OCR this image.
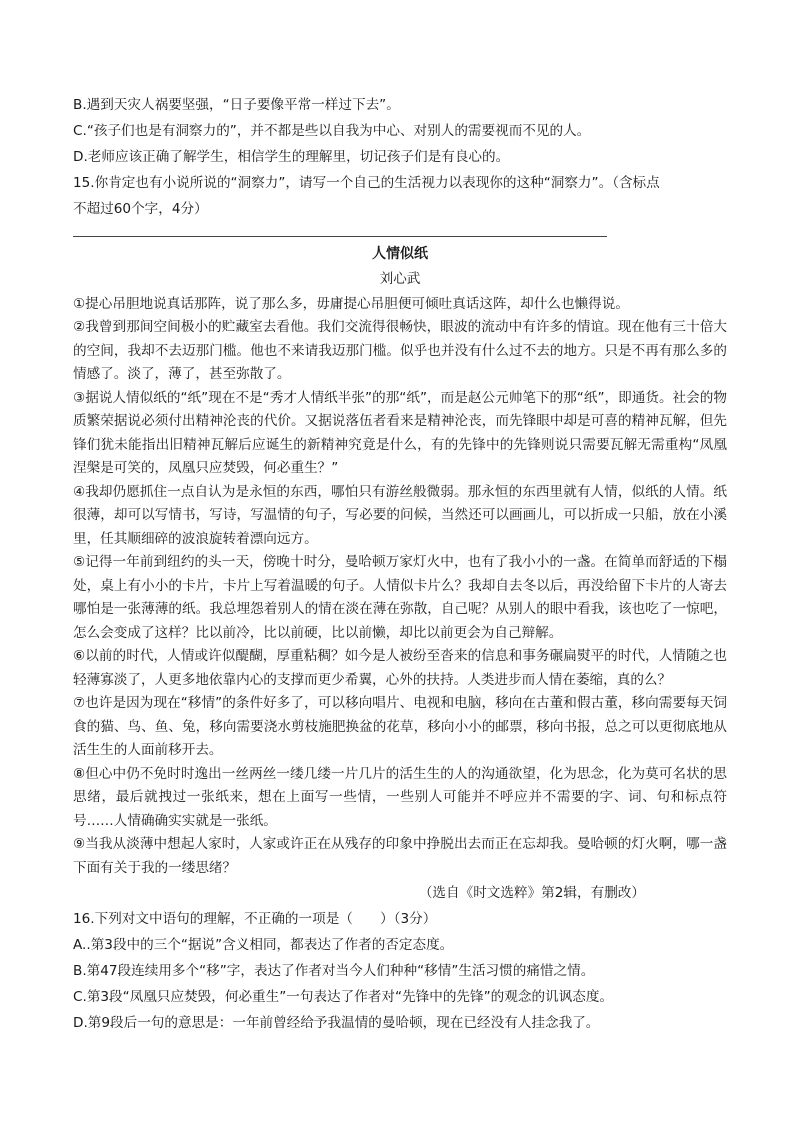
B.遇到天灾人祸要坚强，“日子要像平常一样过下去”。

C.“孩子们也是有洞察力的”，并不都是些以自我为中心、对别人的需要视而不见的人。

D.老师应该正确了解学生，相信学生的理解里，切记孩子们是有良心的。

15.你肯定也有小说所说的“洞察力”，请写一个自己的生活视力以表现你的这种“洞察力”。（含标点

不超过60个字，4分）

人情似纸
刘心武

①提心吊胆地说真话那阵，说了那么多，毋庸提心吊胆便可倾吐真话这阵，却什么也懒得说。

②我曾到那间空间极小的贮藏室去看他。我们交流得很畅快，眼波的流动中有许多的情谊。现在他有三十倍大的空间，我却不去迈那门槛。他也不来请我迈那门槛。似乎也并没有什么过不去的地方。只是不再有那么多的情感了。淡了，薄了，甚至弥散了。

③据说人情似纸的“纸”现在不是“秀才人情纸半张”的那“纸”，而是赵公元帅笔下的那“纸”，即通货。社会的物质繁荣据说必须付出精神沦丧的代价。又据说落伍者看来是精神沦丧，而先锋眼中却是可喜的精神瓦解，但先锋们犹未能指出旧精神瓦解后应诞生的新精神究竟是什么，有的先锋中的先锋则说只需要瓦解无需重构“凤凰涅槃是可笑的，凤凰只应焚毁，何必重生？”

④我却仍愿抓住一点自认为是永恒的东西，哪怕只有游丝般微弱。那永恒的东西里就有人情，似纸的人情。纸很薄，却可以写情书，写诗，写温情的句子，写必要的问候，当然还可以画画儿，可以折成一只船，放在小溪里，任其顺细碎的波浪旋转着漂向远方。

⑤记得一年前到纽约的头一天，傍晚十时分，曼哈顿万家灯火中，也有了我小小的一盏。在简单而舒适的下榻处，桌上有小小的卡片，卡片上写着温暖的句子。人情似卡片么？我却自去冬以后，再没给留下卡片的人寄去哪怕是一张薄薄的纸。我总埋怨着别人的情在淡在薄在弥散，自己呢？从别人的眼中看我，该也吃了一惊吧，怎么会变成了这样？比以前冷，比以前硬，比以前懒，却比以前更会为自己辩解。

⑥以前的时代，人情或许似醍醐，厚重粘稠？如今是人被纷至沓来的信息和事务碾扁熨平的时代，人情随之也轻薄寡淡了，人更多地依靠内心的支撑而更少希翼，心外的扶持。人类进步而人情在萎缩，真的么？

⑦也许是因为现在“移情”的条件好多了，可以移向唱片、电视和电脑，移向在古董和假古董，移向需要每天饲食的猫、鸟、鱼、兔，移向需要浇水剪枝施肥换盆的花草，移向小小的邮票，移向书报，总之可以更彻底地从活生生的人面前移开去。

⑧但心中仍不免时时逸出一丝两丝一缕几缕一片几片的活生生的人的沟通欲望，化为思念，化为莫可名状的思思绪，最后就拽过一张纸来，想在上面写一些情，一些别人可能并不呼应并不需要的字、词、句和标点符号……人情确确实实就是一张纸。

⑨当我从淡薄中想起人家时，人家或许正在从残存的印象中挣脱出去而正在忘却我。曼哈顿的灯火啊，哪一盏下面有关于我的一缕思绪？

（选自《时文选粹》第2辑，有删改）

16.下列对文中语句的理解，不正确的一项是（　　）（3分）

A..第3段中的三个“据说”含义相同，都表达了作者的否定态度。

B.第47段连续用多个“移”字，表达了作者对当今人们种种“移情”生活习惯的痛惜之情。

C.第3段“凤凰只应焚毁，何必重生”一句表达了作者对“先锋中的先锋”的观念的讥讽态度。

D.第9段后一句的意思是：一年前曾经给予我温情的曼哈顿，现在已经没有人挂念我了。
